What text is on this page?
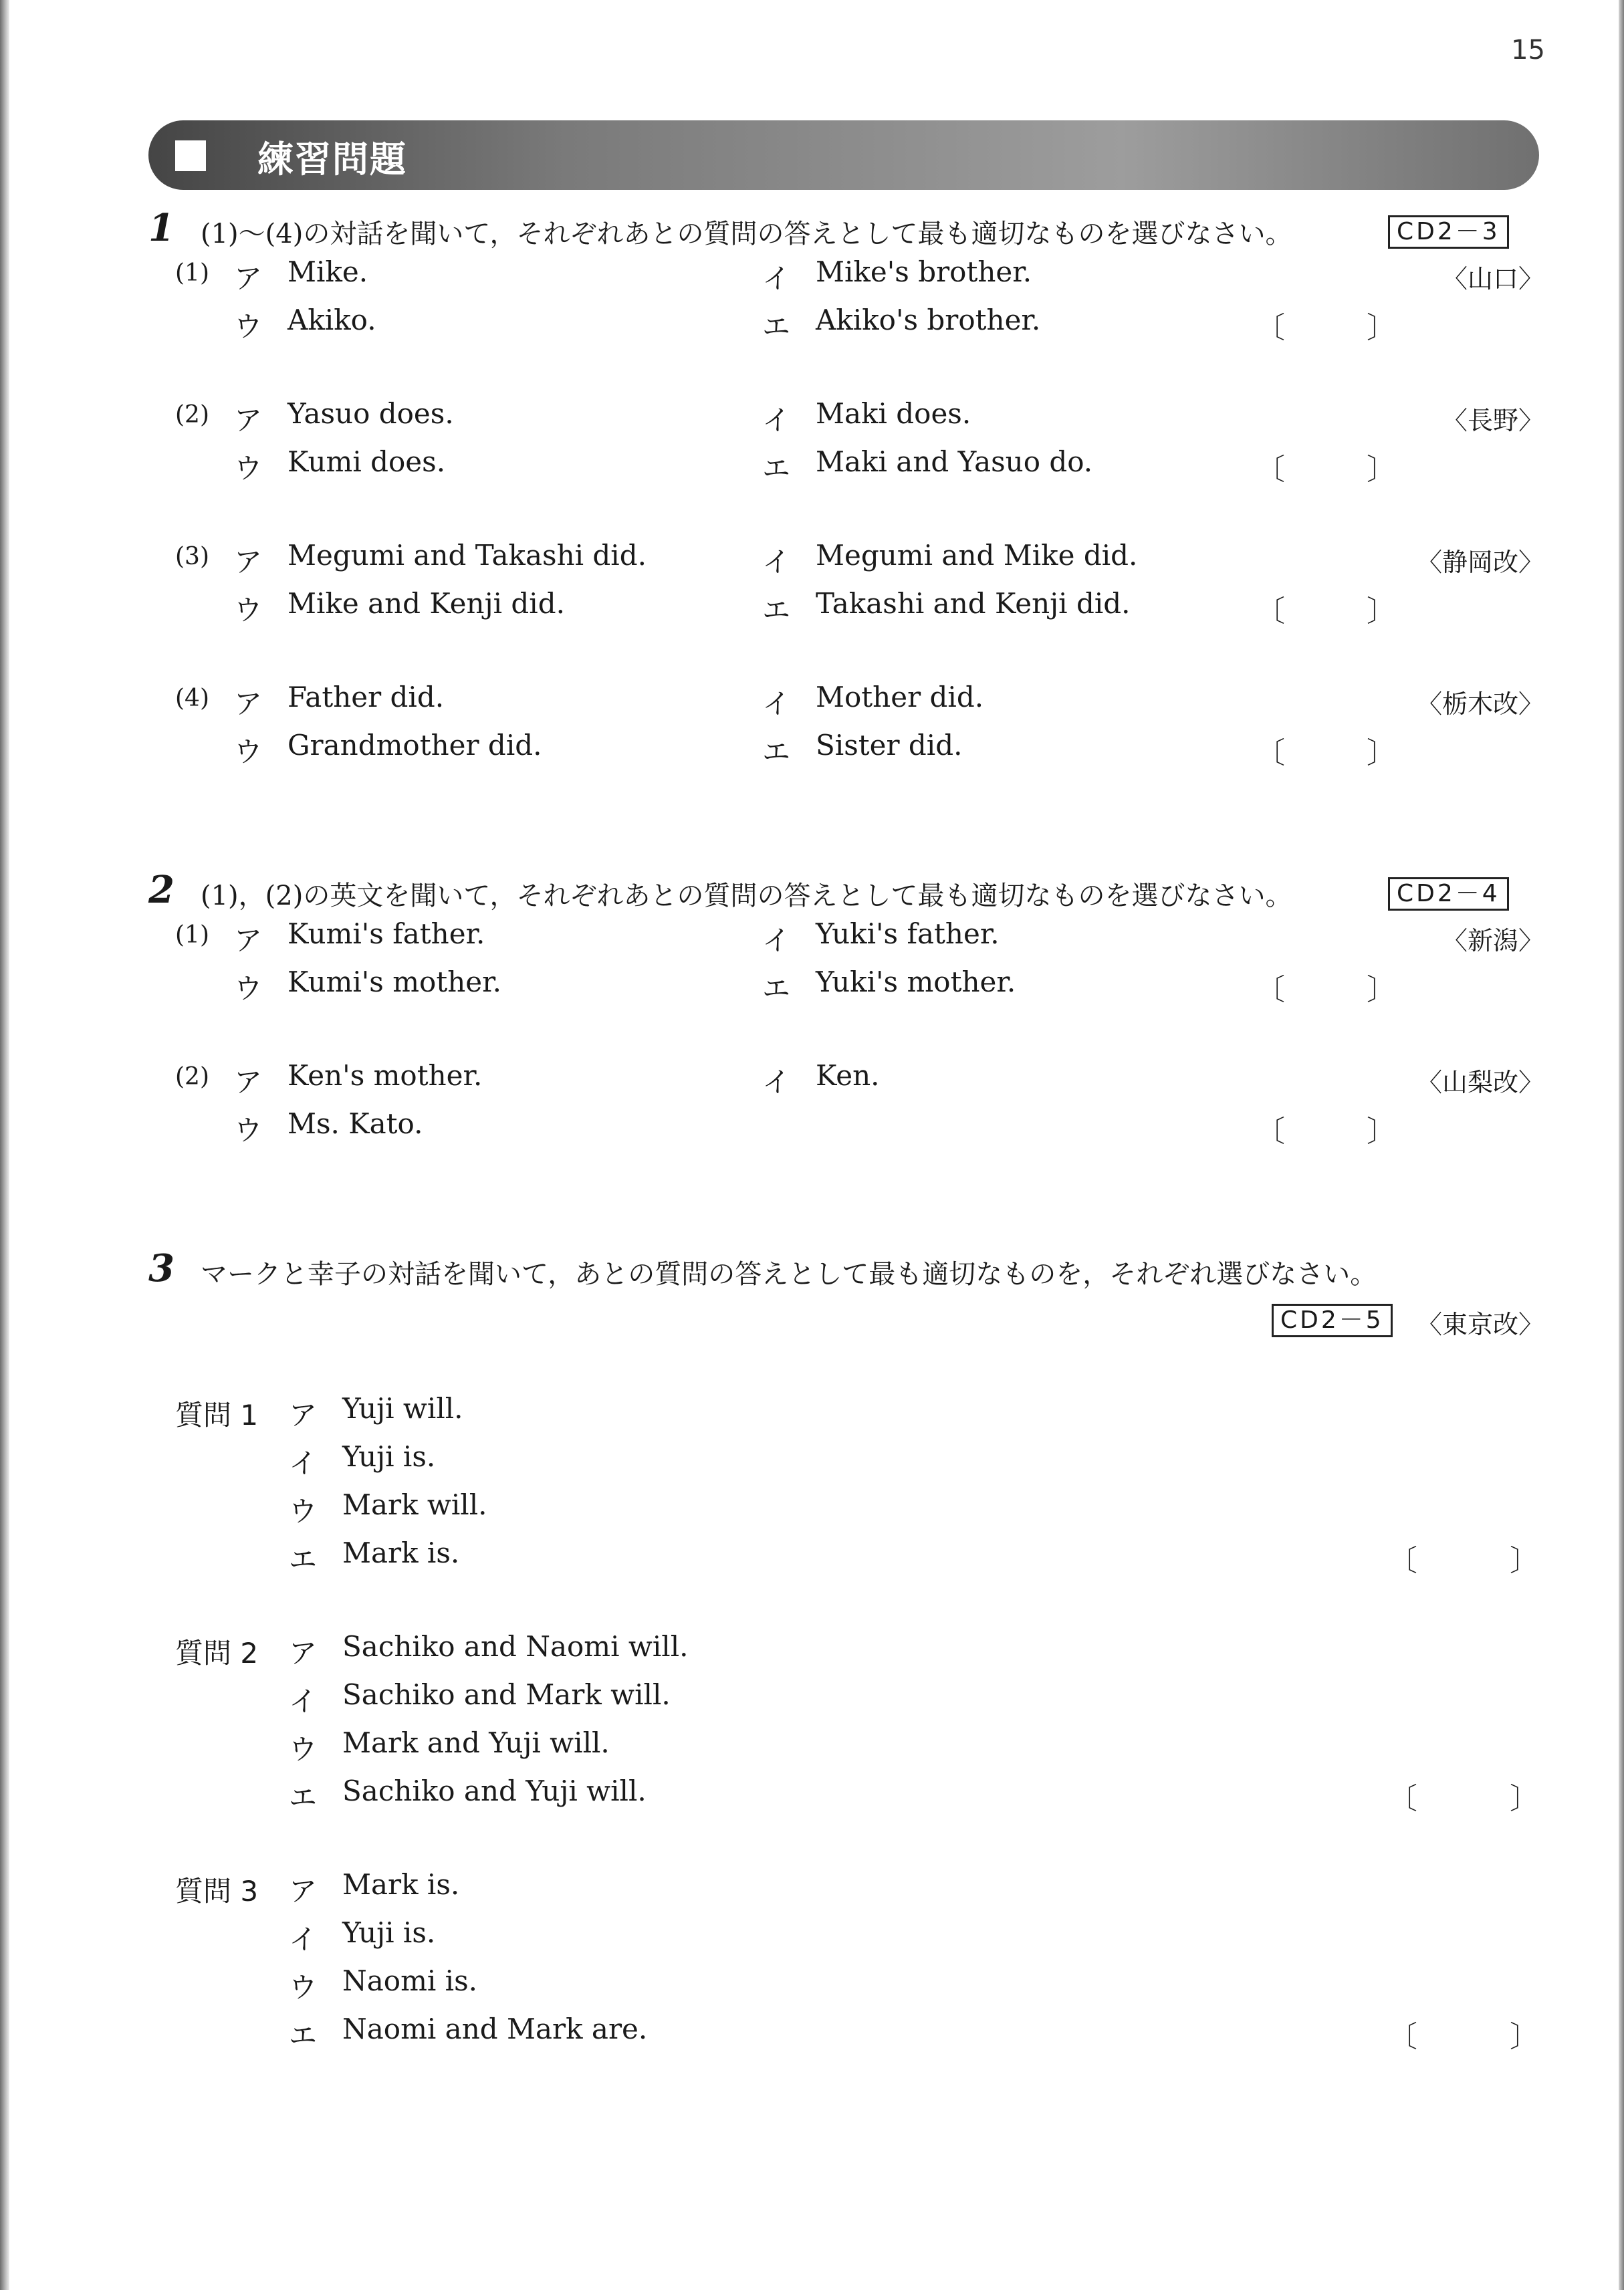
15
練習問題
1 (1)〜(4)の対話を聞いて，それぞれあとの質問の答えとして最も適切なものを選びなさい。	CD2－3
(1) ア Mike.	イ Mike's brother.	〈山口〉
ウ Akiko.	エ Akiko's brother.	〔	〕
(2) ア Yasuo does.	イ Maki does.	〈長野〉
ウ Kumi does.	エ Maki and Yasuo do.	〔	〕
(3) ア Megumi and Takashi did.	イ Megumi and Mike did.	〈静岡改〉
ウ Mike and Kenji did.	エ Takashi and Kenji did.	〔	〕
(4) ア Father did.	イ Mother did.	〈栃木改〉
ウ Grandmother did.	エ Sister did.	〔	〕
2 (1)，(2)の英文を聞いて，それぞれあとの質問の答えとして最も適切なものを選びなさい。	CD2－4
(1) ア Kumi's father.	イ Yuki's father.	〈新潟〉
ウ Kumi's mother.	エ Yuki's mother.	〔	〕
(2) ア Ken's mother.	イ Ken.	〈山梨改〉
ウ Ms. Kato.	〔	〕
3 マークと幸子の対話を聞いて，あとの質問の答えとして最も適切なものを，それぞれ選びなさい。
CD2－5	〈東京改〉
質問 1 ア Yuji will.
イ Yuji is.
ウ Mark will.
エ Mark is.	〔	〕
質問 2 ア Sachiko and Naomi will.
イ Sachiko and Mark will.
ウ Mark and Yuji will.
エ Sachiko and Yuji will.	〔	〕
質問 3 ア Mark is.
イ Yuji is.
ウ Naomi is.
エ Naomi and Mark are.	〔	〕
